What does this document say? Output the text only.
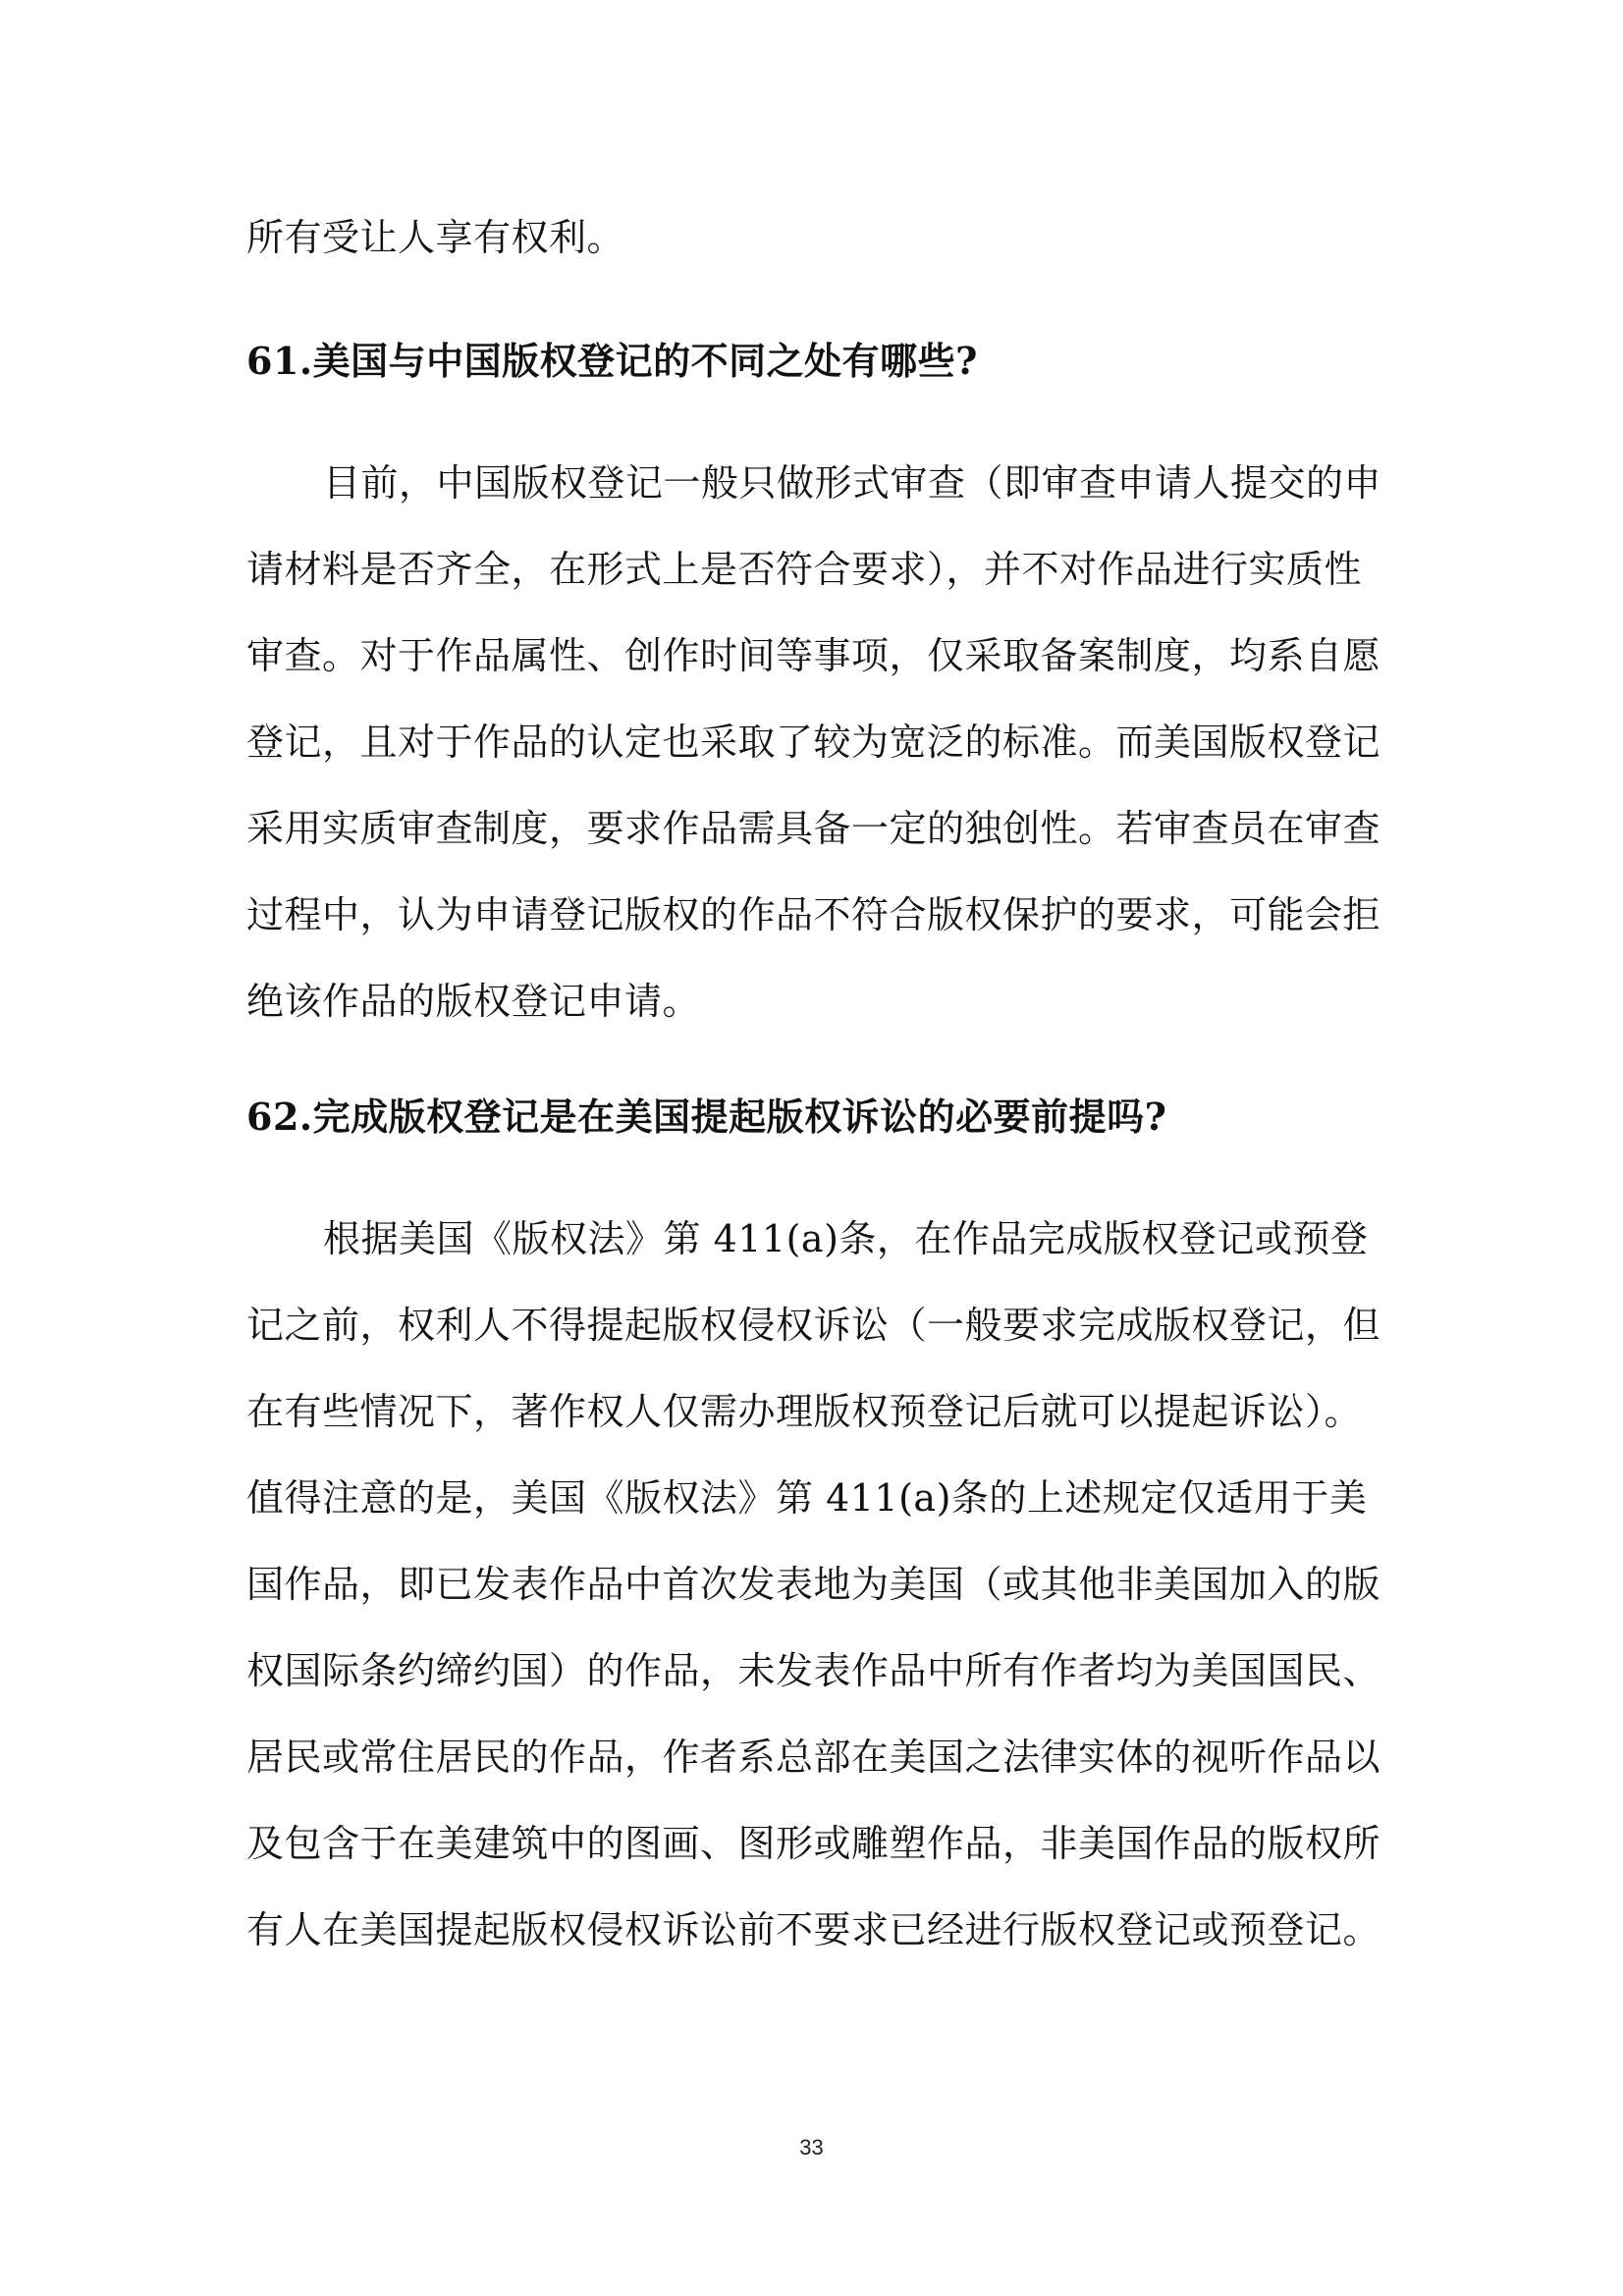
所有受让人享有权利。
61.美国与中国版权登记的不同之处有哪些?
目前，中国版权登记一般只做形式审查（即审查申请人提交的申
请材料是否齐全，在形式上是否符合要求），并不对作品进行实质性
审查。对于作品属性、创作时间等事项，仅采取备案制度，均系自愿
登记，且对于作品的认定也采取了较为宽泛的标准。而美国版权登记
采用实质审查制度，要求作品需具备一定的独创性。若审查员在审查
过程中，认为申请登记版权的作品不符合版权保护的要求，可能会拒
绝该作品的版权登记申请。
62.完成版权登记是在美国提起版权诉讼的必要前提吗?
根据美国《版权法》第 411(a)条，在作品完成版权登记或预登
记之前，权利人不得提起版权侵权诉讼（一般要求完成版权登记，但
在有些情况下，著作权人仅需办理版权预登记后就可以提起诉讼）。
值得注意的是，美国《版权法》第 411(a)条的上述规定仅适用于美
国作品，即已发表作品中首次发表地为美国（或其他非美国加入的版
权国际条约缔约国）的作品，未发表作品中所有作者均为美国国民、
居民或常住居民的作品，作者系总部在美国之法律实体的视听作品以
及包含于在美建筑中的图画、图形或雕塑作品，非美国作品的版权所
有人在美国提起版权侵权诉讼前不要求已经进行版权登记或预登记。
33
